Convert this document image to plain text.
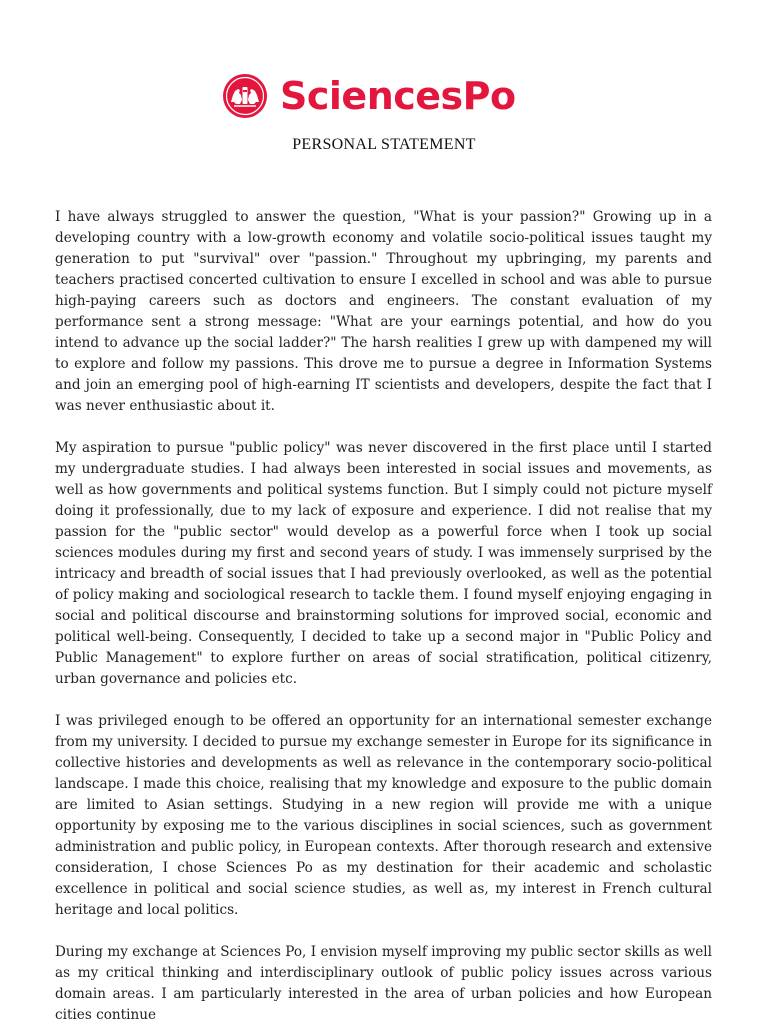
SciencesPo
PERSONAL STATEMENT

I have always struggled to answer the question, "What is your passion?" Growing up in a developing country with a low-growth economy and volatile socio-political issues taught my generation to put "survival" over "passion." Throughout my upbringing, my parents and teachers practised concerted cultivation to ensure I excelled in school and was able to pursue high-paying careers such as doctors and engineers. The constant evaluation of my performance sent a strong message: "What are your earnings potential, and how do you intend to advance up the social ladder?" The harsh realities I grew up with dampened my will to explore and follow my passions. This drove me to pursue a degree in Information Systems and join an emerging pool of high-earning IT scientists and developers, despite the fact that I was never enthusiastic about it.

My aspiration to pursue "public policy" was never discovered in the first place until I started my undergraduate studies. I had always been interested in social issues and movements, as well as how governments and political systems function. But I simply could not picture myself doing it professionally, due to my lack of exposure and experience. I did not realise that my passion for the "public sector" would develop as a powerful force when I took up social sciences modules during my first and second years of study. I was immensely surprised by the intricacy and breadth of social issues that I had previously overlooked, as well as the potential of policy making and sociological research to tackle them. I found myself enjoying engaging in social and political discourse and brainstorming solutions for improved social, economic and political well-being. Consequently, I decided to take up a second major in "Public Policy and Public Management" to explore further on areas of social stratification, political citizenry, urban governance and policies etc.

I was privileged enough to be offered an opportunity for an international semester exchange from my university. I decided to pursue my exchange semester in Europe for its significance in collective histories and developments as well as relevance in the contemporary socio-political landscape. I made this choice, realising that my knowledge and exposure to the public domain are limited to Asian settings. Studying in a new region will provide me with a unique opportunity by exposing me to the various disciplines in social sciences, such as government administration and public policy, in European contexts. After thorough research and extensive consideration, I chose Sciences Po as my destination for their academic and scholastic excellence in political and social science studies, as well as, my interest in French cultural heritage and local politics.

During my exchange at Sciences Po, I envision myself improving my public sector skills as well as my critical thinking and interdisciplinary outlook of public policy issues across various domain areas. I am particularly interested in the area of urban policies and how European cities continue
